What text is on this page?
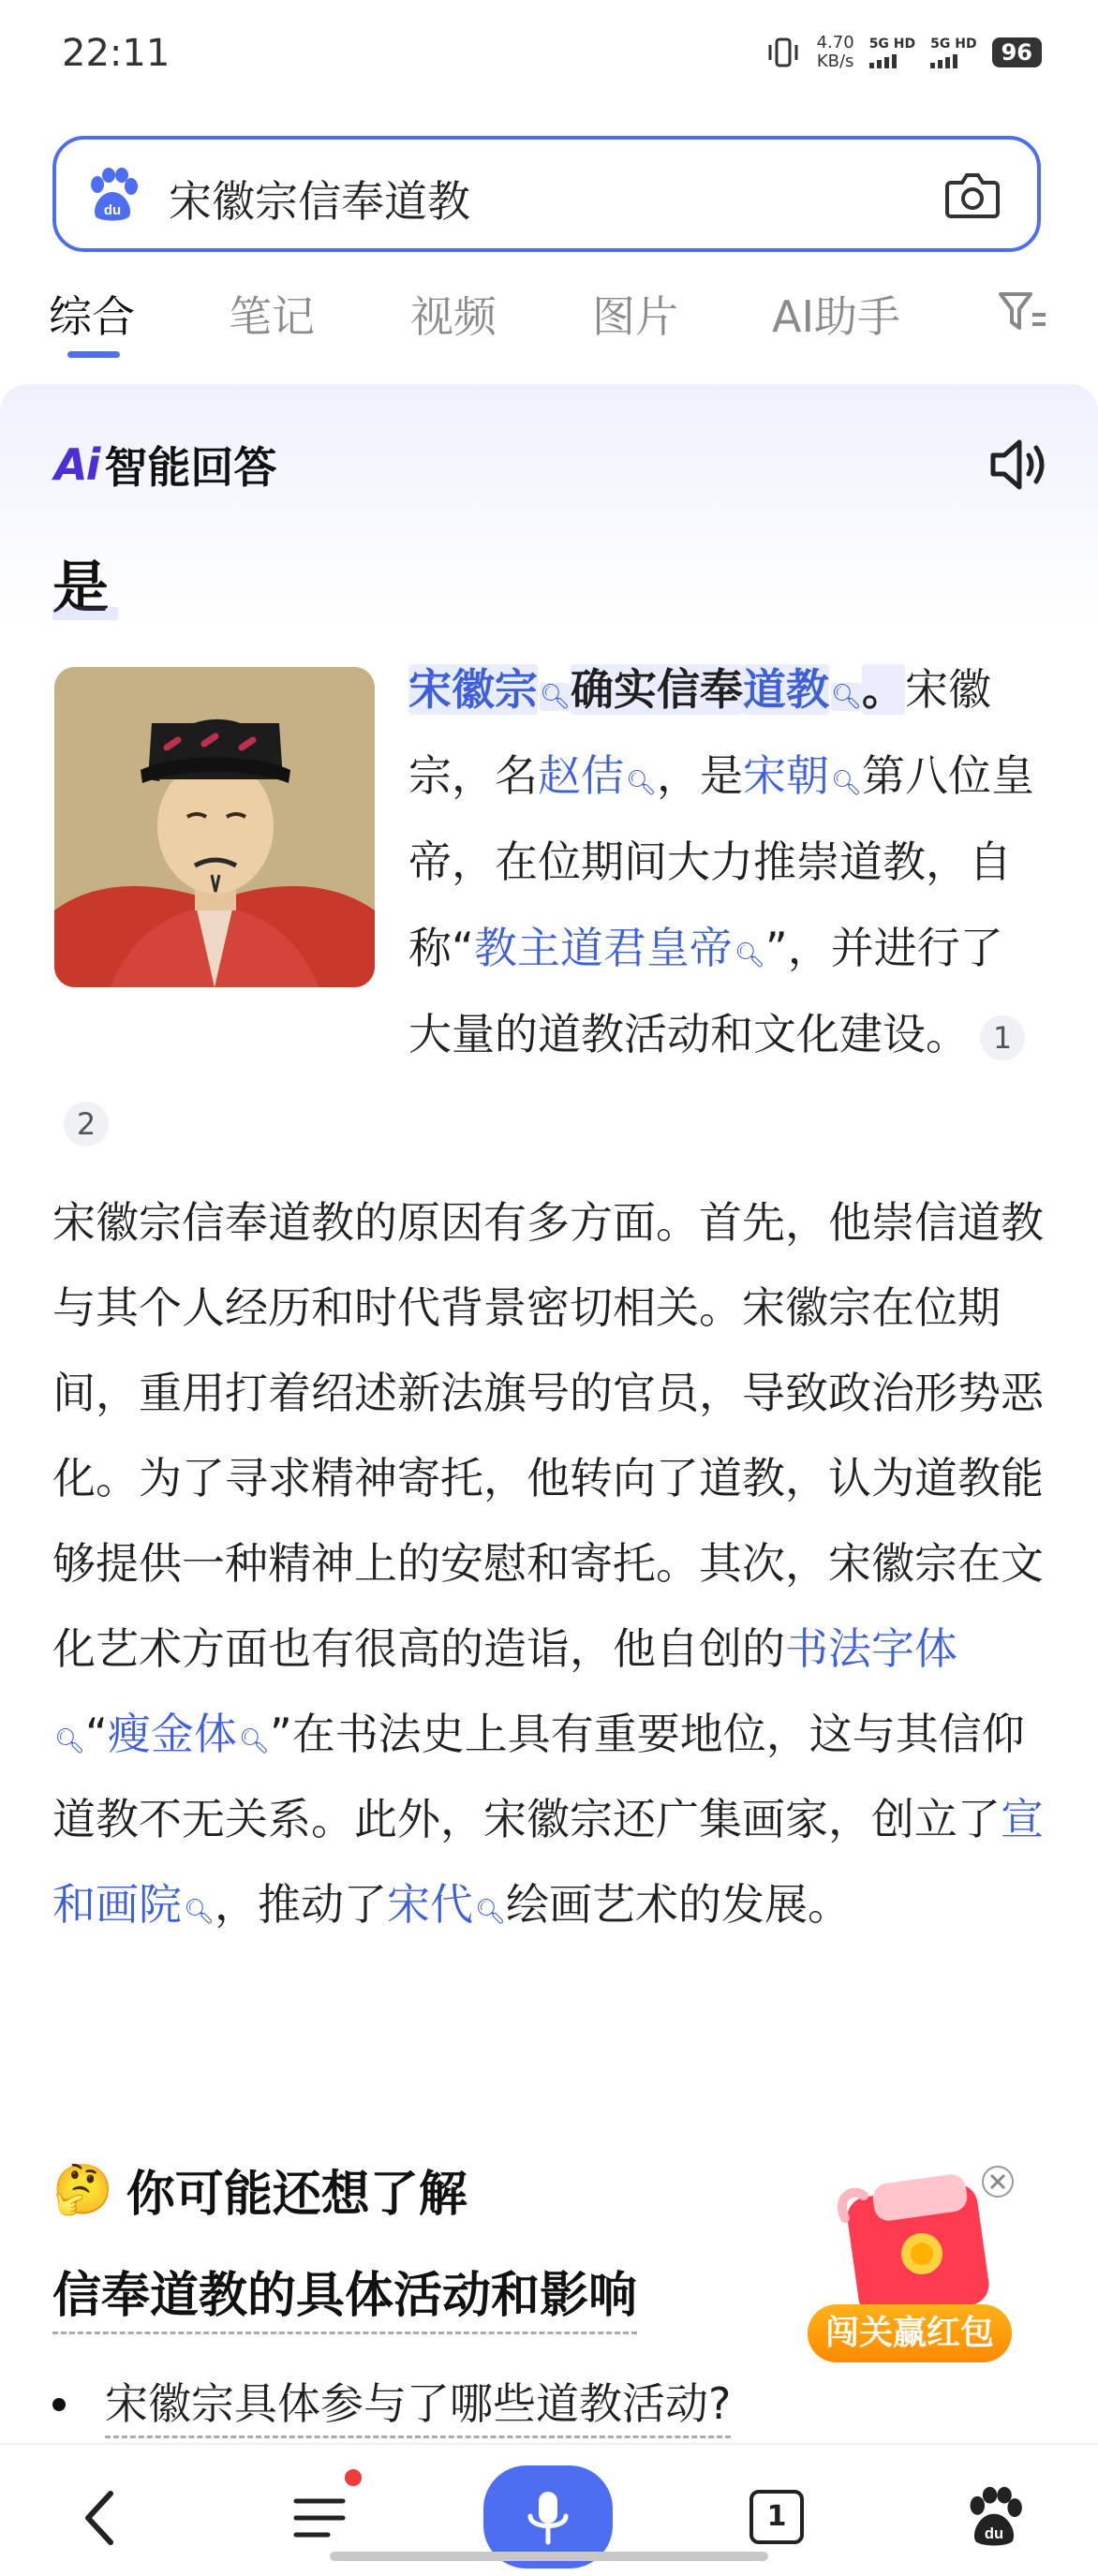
22:11	4.70
KB/s
5G HD 5G HD	96
du 宋徽宗信奉道教
综合 笔记 视频 图片 AI助手
Ai 智能回答
是
宋徽宗🔍︎确实信奉道教🔍︎。宋徽宗，名赵佶🔍︎，是宋朝🔍︎第八位皇帝，在位期间大力推崇道教，自称“教主道君皇帝🔍︎”，并进行了大量的道教活动和文化建设。 12
宋徽宗信奉道教的原因有多方面。首先，他崇信道教与其个人经历和时代背景密切相关。宋徽宗在位期间，重用打着绍述新法旗号的官员，导致政治形势恶化。为了寻求精神寄托，他转向了道教，认为道教能够提供一种精神上的安慰和寄托。其次，宋徽宗在文化艺术方面也有很高的造诣，他自创的书法字体🔍︎“瘦金体🔍︎”在书法史上具有重要地位，这与其信仰道教不无关系。此外，宋徽宗还广集画家，创立了宣和画院🔍︎，推动了宋代🔍︎绘画艺术的发展。
🤔 你可能还想了解
信奉道教的具体活动和影响
宋徽宗具体参与了哪些道教活动?
闯关赢红包
1
du
